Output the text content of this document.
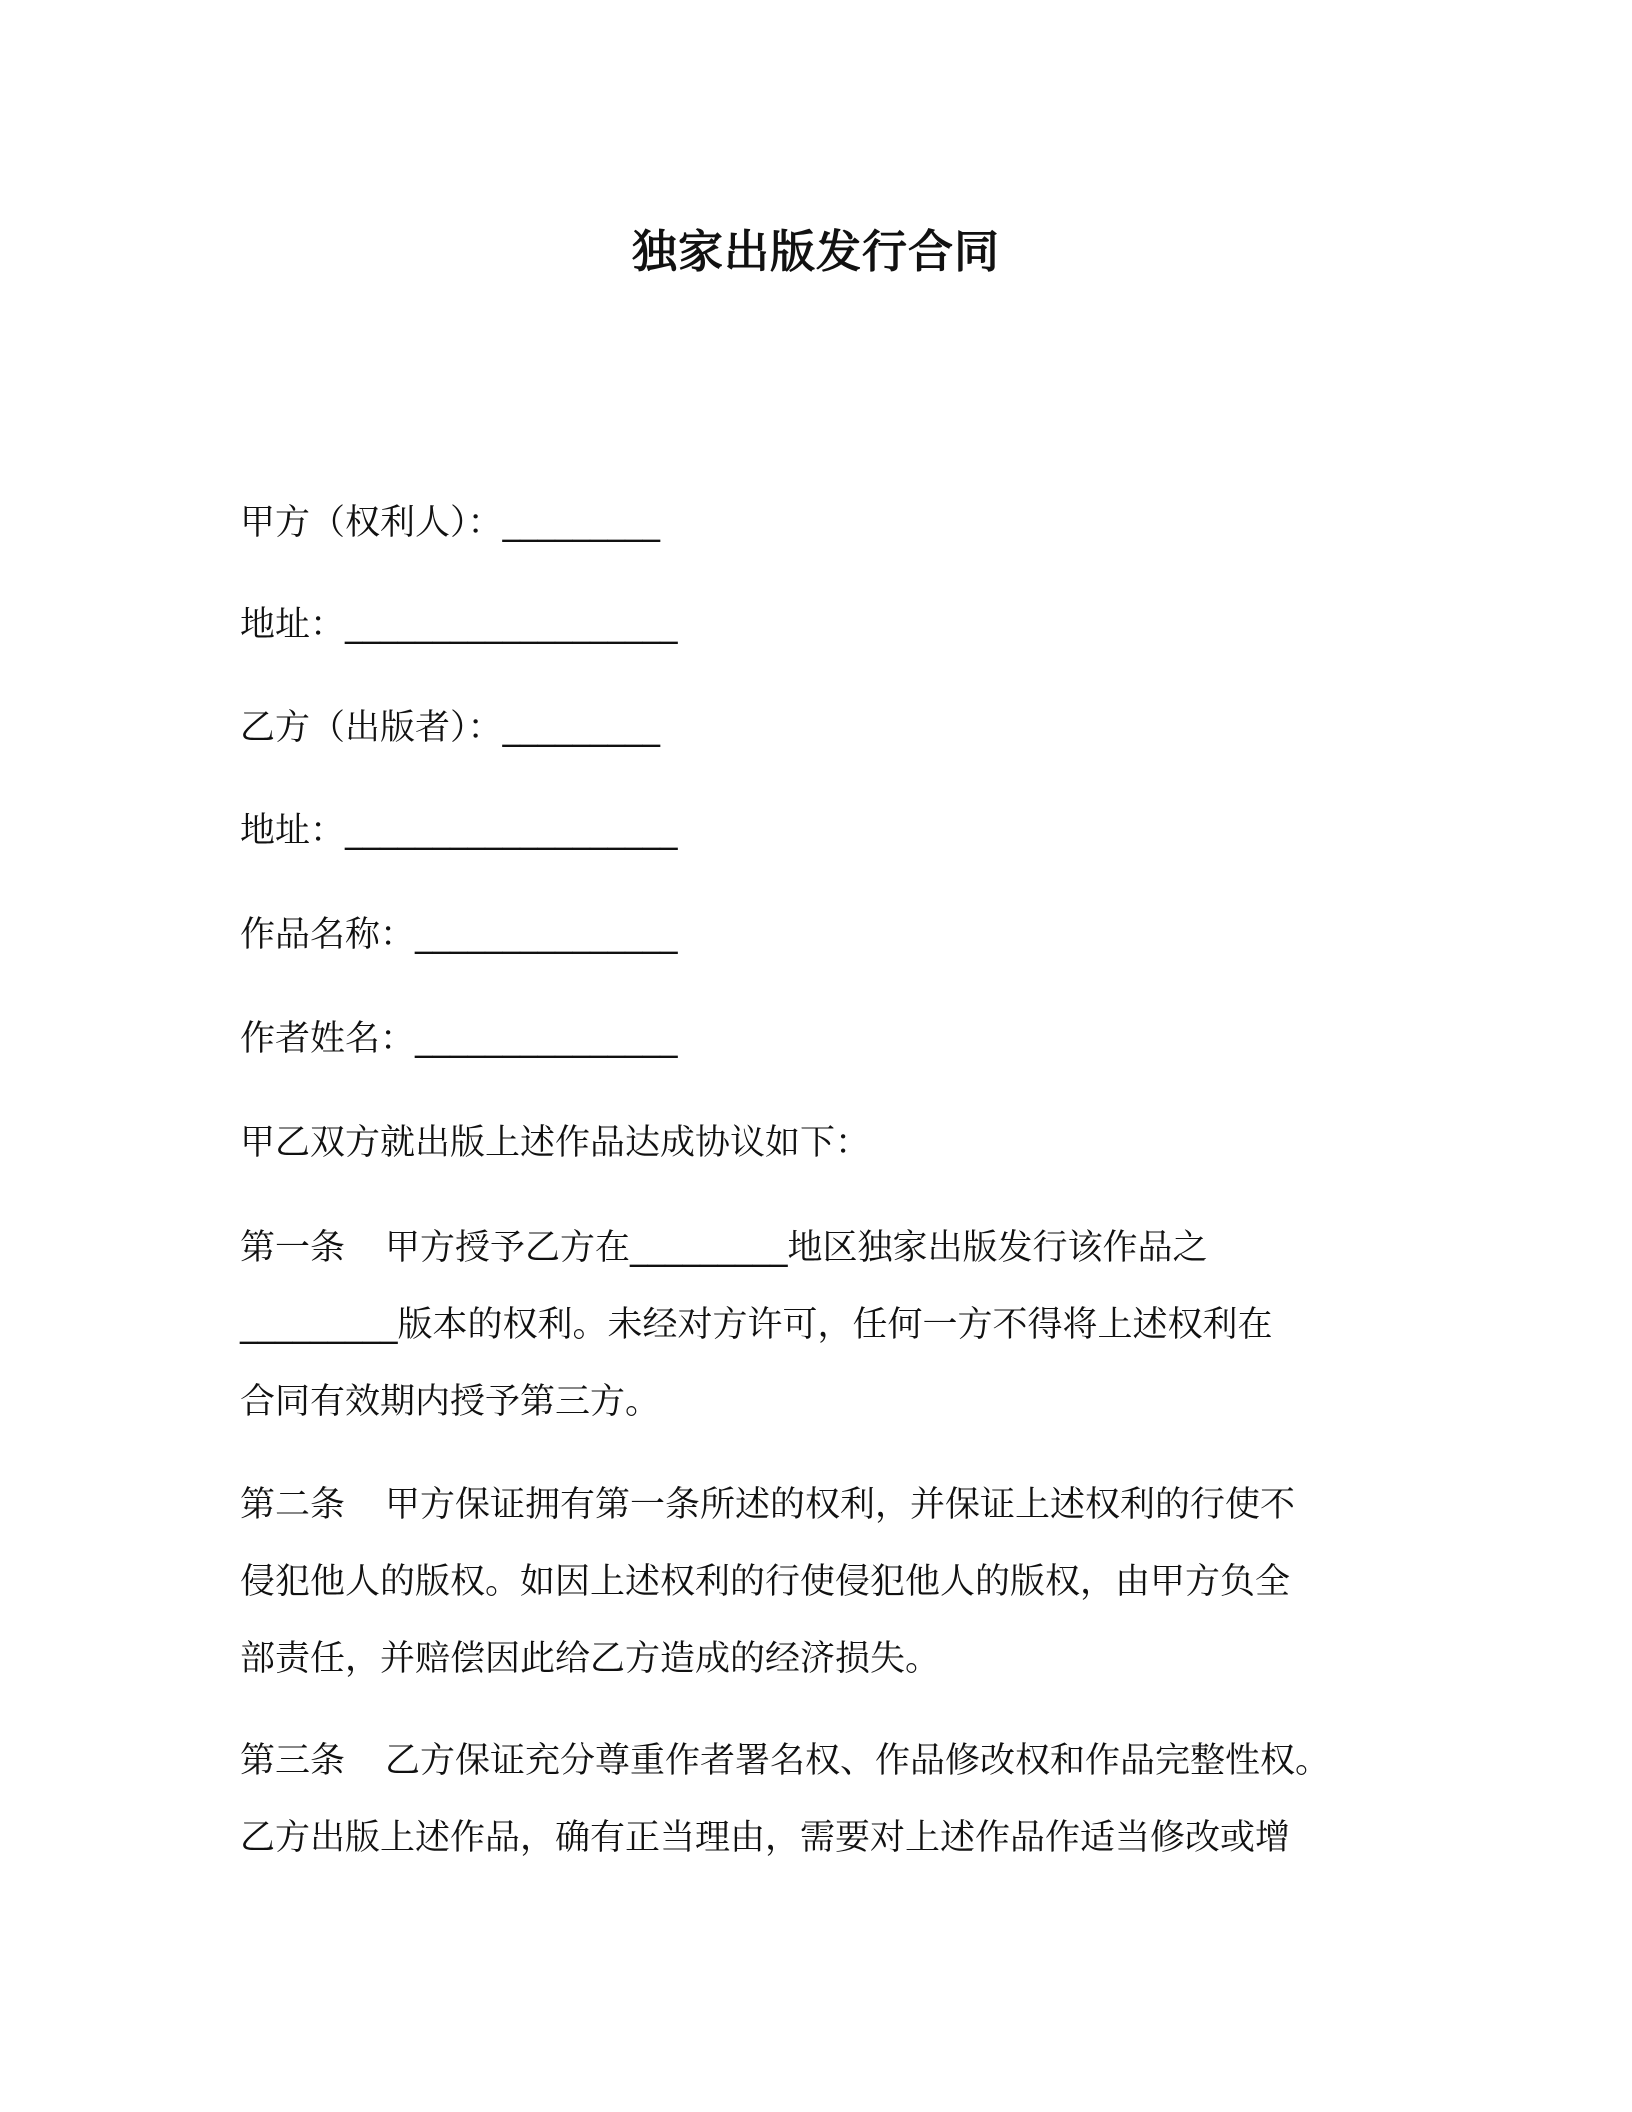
独家出版发行合同
甲方（权利人）：_________
地址：___________________
乙方（出版者）：_________
地址：___________________
作品名称：_______________
作者姓名：_______________
甲乙双方就出版上述作品达成协议如下：
第一条 甲方授予乙方在_________地区独家出版发行该作品之
_________版本的权利。未经对方许可，任何一方不得将上述权利在
合同有效期内授予第三方。
第二条 甲方保证拥有第一条所述的权利，并保证上述权利的行使不
侵犯他人的版权。如因上述权利的行使侵犯他人的版权，由甲方负全
部责任，并赔偿因此给乙方造成的经济损失。
第三条 乙方保证充分尊重作者署名权、作品修改权和作品完整性权。
乙方出版上述作品，确有正当理由，需要对上述作品作适当修改或增
